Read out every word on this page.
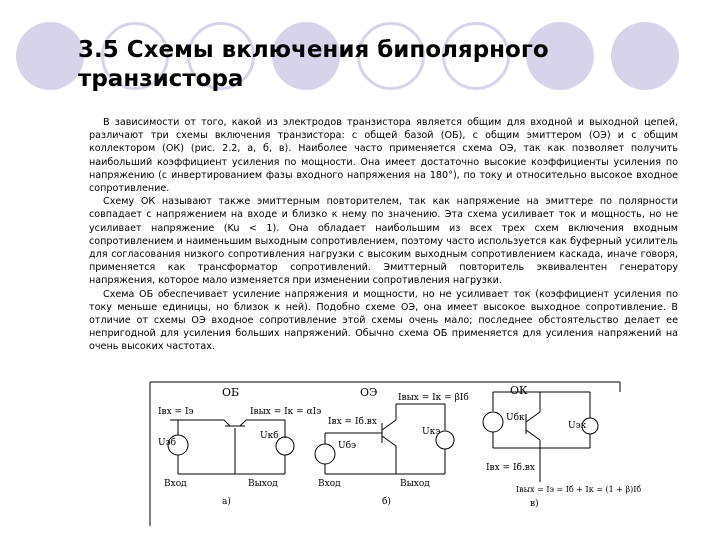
3.5 Схемы включения биполярного
транзистора

В зависимости от того, какой из электродов транзистора является общим для входной и выходной цепей, различают три схемы включения транзистора: с общей базой (ОБ), с общим эмиттером (ОЭ) и с общим коллектором (ОК) (рис. 2.2, а, б, в). Наиболее часто применяется схема ОЭ, так как позволяет получить наибольший коэффициент усиления по мощности. Она имеет достаточно высокие коэффициенты усиления по напряжению (с инвертированием фазы входного напряжения на 180°), по току и относительно высокое входное сопротивление.

Схему ОК называют также эмиттерным повторителем, так как напряжение на эмиттере по полярности совпадает с напряжением на входе и близко к нему по значению. Эта схема усиливает ток и мощность, но не усиливает напряжение (Ku < 1). Она обладает наибольшим из всех трех схем включения входным сопротивлением и наименьшим выходным сопротивлением, поэтому часто используется как буферный усилитель для согласования низкого сопротивления нагрузки с высоким выходным сопротивлением каскада, иначе говоря, применяется как трансформатор сопротивлений. Эмиттерный повторитель эквивалентен генератору напряжения, которое мало изменяется при изменении сопротивления нагрузки.

Схема ОБ обеспечивает усиление напряжения и мощности, но не усиливает ток (коэффициент усиления по току меньше единицы, но близок к ней). Подобно схеме ОЭ, она имеет высокое выходное сопротивление. В отличие от схемы ОЭ входное сопротивление этой схемы очень мало; последнее обстоятельство делает ее непригодной для усиления больших напряжений. Обычно схема ОБ применяется для усиления напряжений на очень высоких частотах.

ОБ
Iвх = Iэ	Iвых = Iк = αIэ
Uэб
Uкб
Вход	Выход
а)
ОЭ
Iвх = Iб.вх
Iвых = Iк = βIб
Uбэ
Uкэ
Вход	Выход
б)
ОК
Uбк
Uэк
Iвх = Iб.вх
Iвых = Iэ = Iб + Iк = (1 + β)Iб
в)
